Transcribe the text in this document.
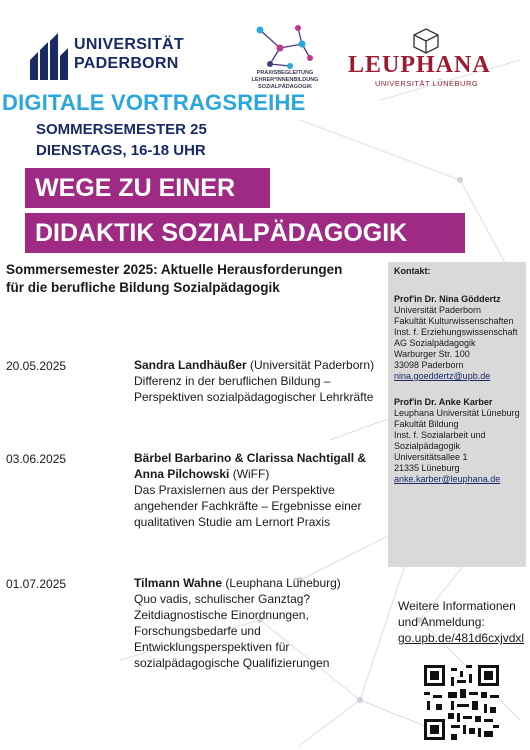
UNIVERSITÄT
PADERBORN
PRAXISBEGLEITUNG
LEHRER*INNENBILDUNG
SOZIALPÄDAGOGIK
LEUPHANA
UNIVERSITÄT LÜNEBURG
DIGITALE VORTRAGSREIHE
SOMMERSEMESTER 25
DIENSTAGS, 16-18 UHR
WEGE ZU EINER
DIDAKTIK SOZIALPÄDAGOGIK
Sommersemester 2025: Aktuelle Herausforderungen
für die berufliche Bildung Sozialpädagogik
Kontakt:
Prof'in Dr. Nina Göddertz
Universität Paderborn
Fakultät Kulturwissenschaften
Inst. f. Erziehungswissenschaft
AG Sozialpädagogik
Warburger Str. 100
33098 Paderborn
nina.goeddertz@upb.de
Prof'in Dr. Anke Karber
Leuphana Universität Lüneburg
Fakultät Bildung
Inst. f. Sozialarbeit und
Sozialpädagogik
Universitätsallee 1
21335 Lüneburg
anke.karber@leuphana.de
20.05.2025	Sandra Landhäußer (Universität Paderborn)
Differenz in der beruflichen Bildung –
Perspektiven sozialpädagogischer Lehrkräfte
03.06.2025	Bärbel Barbarino & Clarissa Nachtigall &
Anna Pilchowski (WiFF)
Das Praxislernen aus der Perspektive
angehender Fachkräfte – Ergebnisse einer
qualitativen Studie am Lernort Praxis
01.07.2025	Tilmann Wahne (Leuphana Lüneburg)
Quo vadis, schulischer Ganztag?
Zeitdiagnostische Einordnungen,
Forschungsbedarfe und
Entwicklungsperspektiven für
sozialpädagogische Qualifizierungen
Weitere Informationen
und Anmeldung:
go.upb.de/481d6cxjvdxl
